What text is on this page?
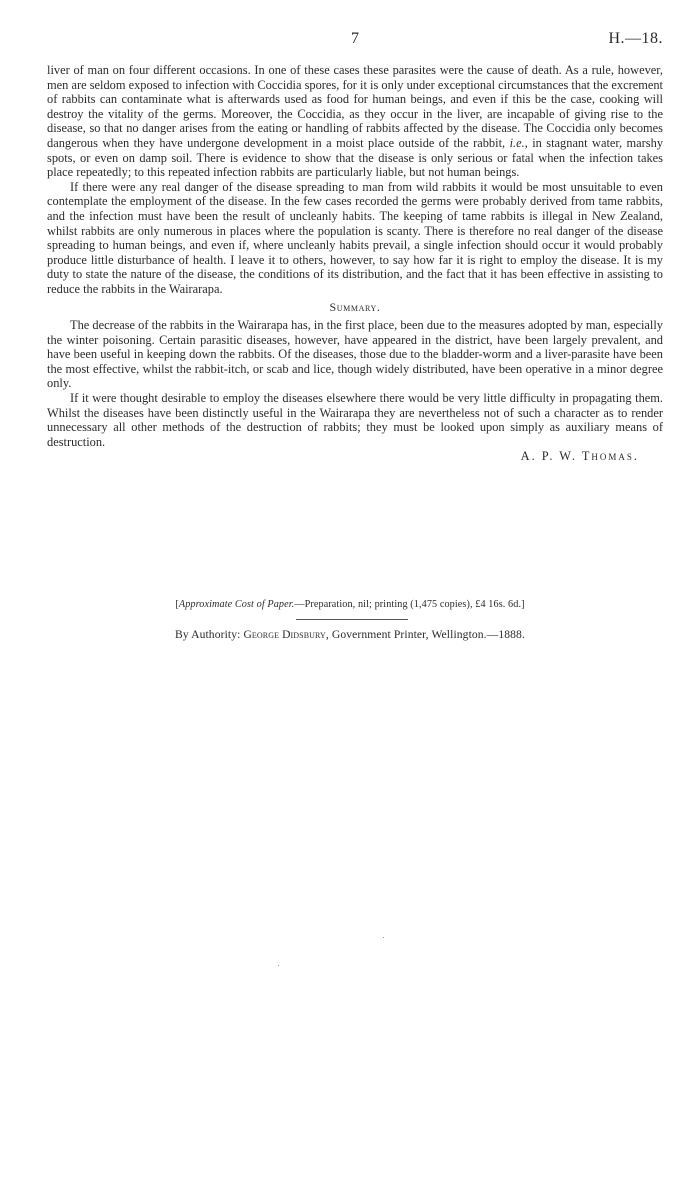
7	H.—18.

liver of man on four different occasions. In one of these cases these parasites were the cause of death. As a rule, however, men are seldom exposed to infection with Coccidia spores, for it is only under exceptional circumstances that the excrement of rabbits can contaminate what is afterwards used as food for human beings, and even if this be the case, cooking will destroy the vitality of the germs. Moreover, the Coccidia, as they occur in the liver, are incapable of giving rise to the disease, so that no danger arises from the eating or handling of rabbits affected by the disease. The Coccidia only becomes dangerous when they have undergone development in a moist place outside of the rabbit, i.e., in stagnant water, marshy spots, or even on damp soil. There is evidence to show that the disease is only serious or fatal when the infection takes place repeatedly; to this repeated infection rabbits are particularly liable, but not human beings.

If there were any real danger of the disease spreading to man from wild rabbits it would be most unsuitable to even contemplate the employment of the disease. In the few cases recorded the germs were probably derived from tame rabbits, and the infection must have been the result of uncleanly habits. The keeping of tame rabbits is illegal in New Zealand, whilst rabbits are only numerous in places where the population is scanty. There is therefore no real danger of the disease spreading to human beings, and even if, where uncleanly habits prevail, a single infection should occur it would probably produce little disturbance of health. I leave it to others, however, to say how far it is right to employ the disease. It is my duty to state the nature of the disease, the conditions of its distribution, and the fact that it has been effective in assisting to reduce the rabbits in the Wairarapa.

Summary.

The decrease of the rabbits in the Wairarapa has, in the first place, been due to the measures adopted by man, especially the winter poisoning. Certain parasitic diseases, however, have appeared in the district, have been largely prevalent, and have been useful in keeping down the rabbits. Of the diseases, those due to the bladder-worm and a liver-parasite have been the most effective, whilst the rabbit-itch, or scab and lice, though widely distributed, have been operative in a minor degree only.

If it were thought desirable to employ the diseases elsewhere there would be very little difficulty in propagating them. Whilst the diseases have been distinctly useful in the Wairarapa they are nevertheless not of such a character as to render unnecessary all other methods of the destruction of rabbits; they must be looked upon simply as auxiliary means of destruction.

A. P. W. Thomas.
[Approximate Cost of Paper.—Preparation, nil; printing (1,475 copies), £4 16s. 6d.]
By Authority: George Didsbury, Government Printer, Wellington.—1888.
